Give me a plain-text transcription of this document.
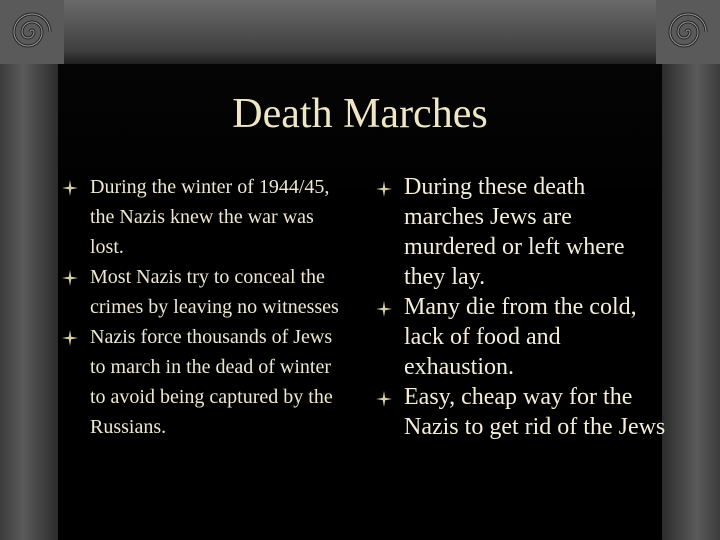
Death Marches
During the winter of 1944/45, the Nazis knew the war was lost.
Most Nazis try to conceal the crimes by leaving no witnesses
Nazis force thousands of Jews to march in the dead of winter to avoid being captured by the Russians.
During these death marches Jews are murdered or left where they lay.
Many die from the cold, lack of food and exhaustion.
Easy, cheap way for the Nazis to get rid of the Jews
